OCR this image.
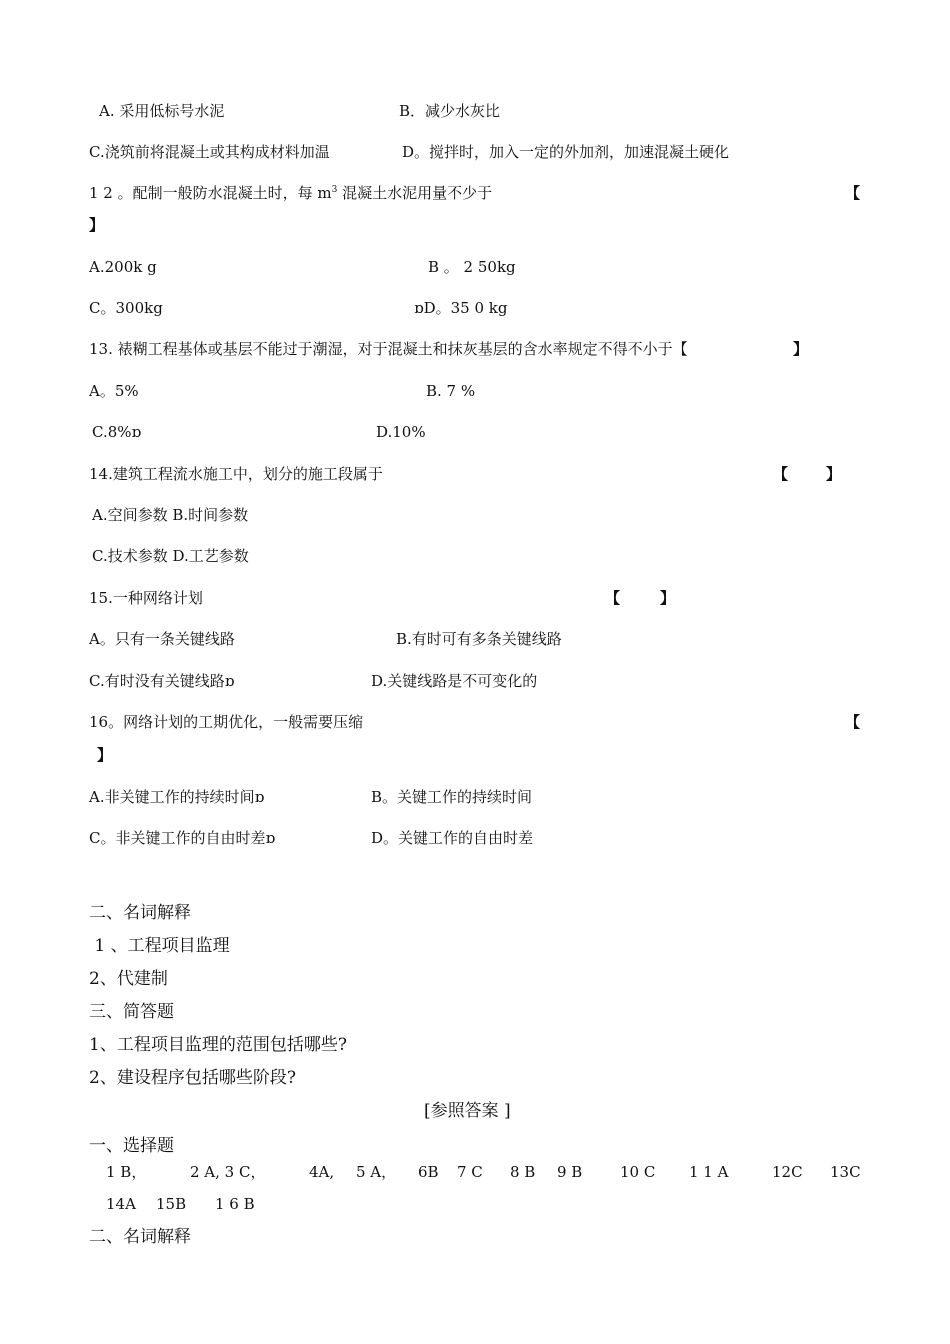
A. 采用低标号水泥	B．减少水灰比
C.浇筑前将混凝土或其构成材料加温	D。搅拌时，加入一定的外加剂，加速混凝土硬化
1 2 。配制一般防水混凝土时，每 $m^3$ 混凝土水泥用量不少于	【
】
A.200k g	B 。 2 50kg
C。300kg	ɒD。35 0 kg
13. 裱糊工程基体或基层不能过于潮湿，对于混凝土和抹灰基层的含水率规定不得不小于【	】
A。5%	B. 7 %
C.8%ɒ	D.10%
14.建筑工程流水施工中，划分的施工段属于	【	】
A.空间参数 B.时间参数
C.技术参数 D.工艺参数
15.一种网络计划	【	】
A。只有一条关键线路	B.有时可有多条关键线路
C.有时没有关键线路ɒ	D.关键线路是不可变化的
16。网络计划的工期优化，一般需要压缩	【
】
A.非关键工作的持续时间ɒ	B。关键工作的持续时间
C。非关键工作的自由时差ɒ	D。关键工作的自由时差
二、名词解释
1 、工程项目监理
2、代建制
三、简答题
1、工程项目监理的范围包括哪些?
2、建设程序包括哪些阶段?
[参照答案 ]
一、选择题
1 B，	2 A, 3 C，	4A, 5 A， 6B 7 C 8 B 9 B	10 C 1 1 A	12C 13C
14A 15B 1 6 B
二、名词解释
